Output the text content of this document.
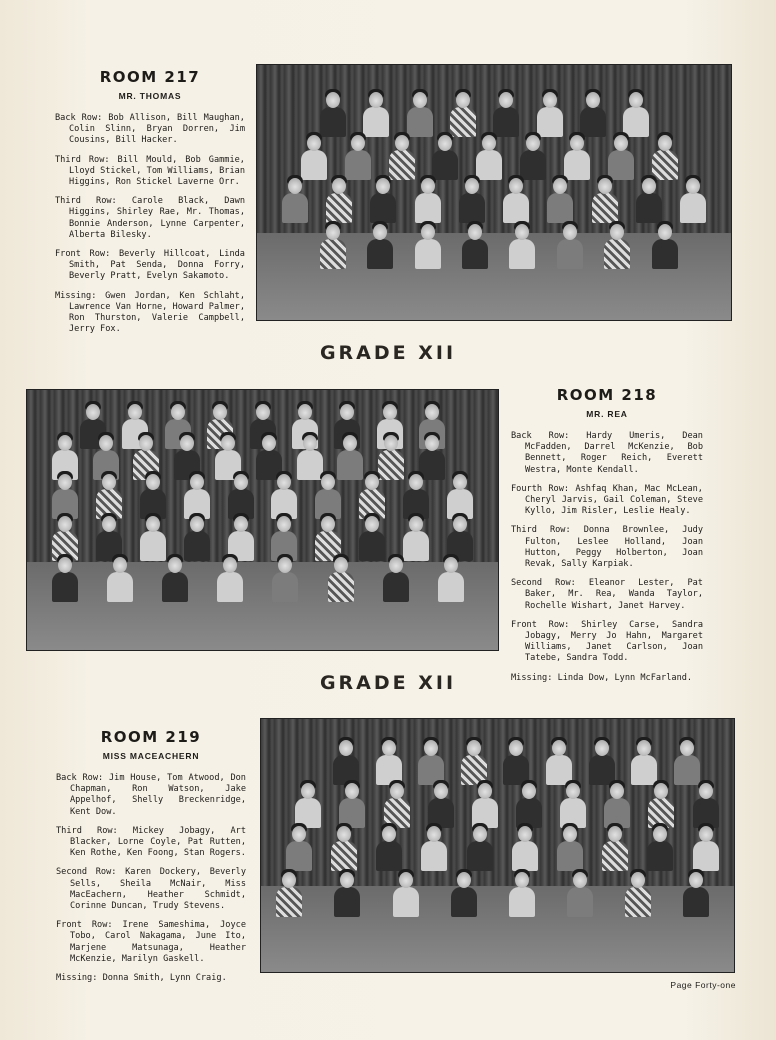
ROOM 217
MR. THOMAS

Back Row: Bob Allison, Bill Maughan, Colin Slinn, Bryan Dorren, Jim Cousins, Bill Hacker.

Third Row: Bill Mould, Bob Gammie, Lloyd Stickel, Tom Williams, Brian Higgins, Ron Stickel Laverne Orr.

Third Row: Carole Black, Dawn Higgins, Shirley Rae, Mr. Thomas, Bonnie Anderson, Lynne Carpenter, Alberta Bilesky.

Front Row: Beverly Hillcoat, Linda Smith, Pat Senda, Donna Forry, Beverly Pratt, Evelyn Sakamoto.

Missing: Gwen Jordan, Ken Schlaht, Lawrence Van Horne, Howard Palmer, Ron Thurston, Valerie Campbell, Jerry Fox.

GRADE XII
ROOM 218
MR. REA

Back Row: Hardy Umeris, Dean McFadden, Darrel McKenzie, Bob Bennett, Roger Reich, Everett Westra, Monte Kendall.

Fourth Row: Ashfaq Khan, Mac McLean, Cheryl Jarvis, Gail Coleman, Steve Kyllo, Jim Risler, Leslie Healy.

Third Row: Donna Brownlee, Judy Fulton, Leslee Holland, Joan Hutton, Peggy Holberton, Joan Revak, Sally Karpiak.

Second Row: Eleanor Lester, Pat Baker, Mr. Rea, Wanda Taylor, Rochelle Wishart, Janet Harvey.

Front Row: Shirley Carse, Sandra Jobagy, Merry Jo Hahn, Margaret Williams, Janet Carlson, Joan Tatebe, Sandra Todd.

Missing: Linda Dow, Lynn McFarland.

GRADE XII
ROOM 219
MISS MACEACHERN

Back Row: Jim House, Tom Atwood, Don Chapman, Ron Watson, Jake Appelhof, Shelly Breckenridge, Kent Dow.

Third Row: Mickey Jobagy, Art Blacker, Lorne Coyle, Pat Rutten, Ken Rothe, Ken Foong, Stan Rogers.

Second Row: Karen Dockery, Beverly Sells, Sheila McNair, Miss MacEachern, Heather Schmidt, Corinne Duncan, Trudy Stevens.

Front Row: Irene Sameshima, Joyce Tobo, Carol Nakagama, June Ito, Marjene Matsunaga, Heather McKenzie, Marilyn Gaskell.

Missing: Donna Smith, Lynn Craig.

Page Forty-one
